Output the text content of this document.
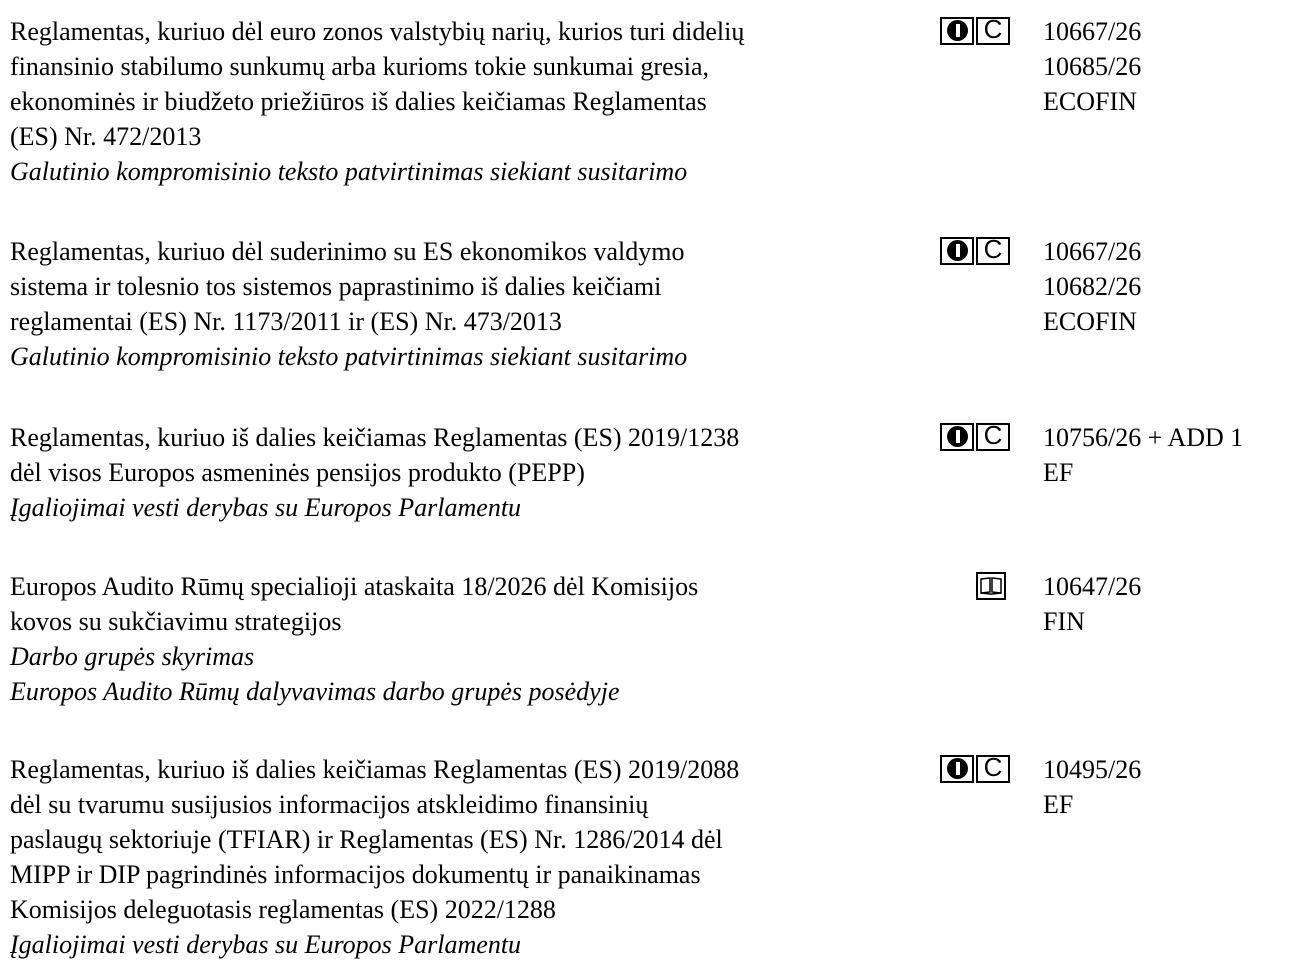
Reglamentas, kuriuo dėl euro zonos valstybių narių, kurios turi didelių
finansinio stabilumo sunkumų arba kurioms tokie sunkumai gresia,
ekonominės ir biudžeto priežiūros iš dalies keičiamas Reglamentas
(ES) Nr. 472/2013
Galutinio kompromisinio teksto patvirtinimas siekiant susitarimo
C 10667/26
10685/26
ECOFIN
Reglamentas, kuriuo dėl suderinimo su ES ekonomikos valdymo
sistema ir tolesnio tos sistemos paprastinimo iš dalies keičiami
reglamentai (ES) Nr. 1173/2011 ir (ES) Nr. 473/2013
Galutinio kompromisinio teksto patvirtinimas siekiant susitarimo
C 10667/26
10682/26
ECOFIN
Reglamentas, kuriuo iš dalies keičiamas Reglamentas (ES) 2019/1238
dėl visos Europos asmeninės pensijos produkto (PEPP)
Įgaliojimai vesti derybas su Europos Parlamentu
C 10756/26 + ADD 1
EF
Europos Audito Rūmų specialioji ataskaita 18/2026 dėl Komisijos
kovos su sukčiavimu strategijos
Darbo grupės skyrimas
Europos Audito Rūmų dalyvavimas darbo grupės posėdyje
10647/26
FIN
Reglamentas, kuriuo iš dalies keičiamas Reglamentas (ES) 2019/2088
dėl su tvarumu susijusios informacijos atskleidimo finansinių
paslaugų sektoriuje (TFIAR) ir Reglamentas (ES) Nr. 1286/2014 dėl
MIPP ir DIP pagrindinės informacijos dokumentų ir panaikinamas
Komisijos deleguotasis reglamentas (ES) 2022/1288
Įgaliojimai vesti derybas su Europos Parlamentu
C 10495/26
EF
